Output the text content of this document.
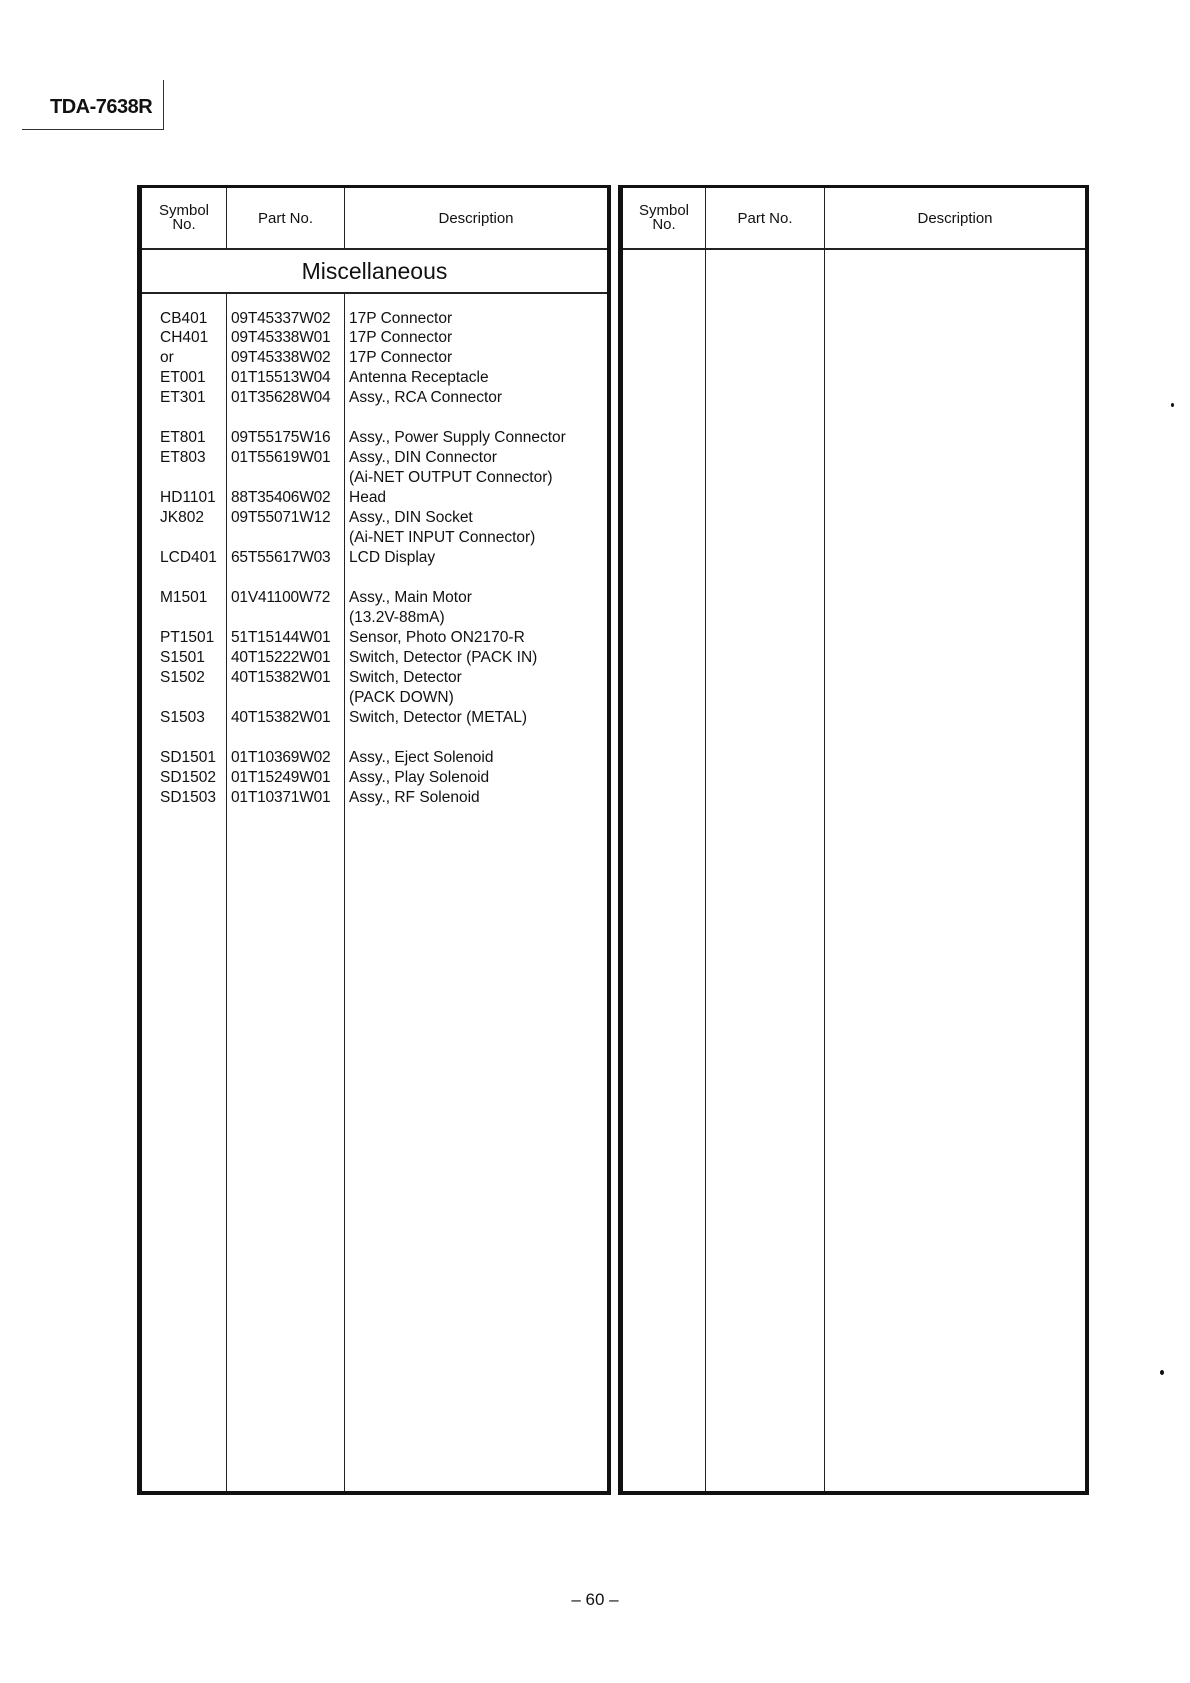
TDA-7638R
Symbol
No.	Part No.	Description
Miscellaneous
CB401 09T45337W02 17P Connector
CH401 09T45338W01 17P Connector
or	09T45338W02 17P Connector
ET001 01T15513W04 Antenna Receptacle
ET301 01T35628W04 Assy., RCA Connector
ET801 09T55175W16 Assy., Power Supply Connector
ET803 01T55619W01 Assy., DIN Connector
(Ai-NET OUTPUT Connector)
HD1101 88T35406W02 Head
JK802 09T55071W12 Assy., DIN Socket
(Ai-NET INPUT Connector)
LCD401 65T55617W03 LCD Display
M1501 01V41100W72 Assy., Main Motor
(13.2V-88mA)
PT1501 51T15144W01 Sensor, Photo ON2170-R
S1501 40T15222W01 Switch, Detector (PACK IN)
S1502 40T15382W01 Switch, Detector
(PACK DOWN)
S1503 40T15382W01 Switch, Detector (METAL)
SD1501 01T10369W02 Assy., Eject Solenoid
SD1502 01T15249W01 Assy., Play Solenoid
SD1503 01T10371W01 Assy., RF Solenoid
Symbol
No.	Part No.	Description
– 60 –
